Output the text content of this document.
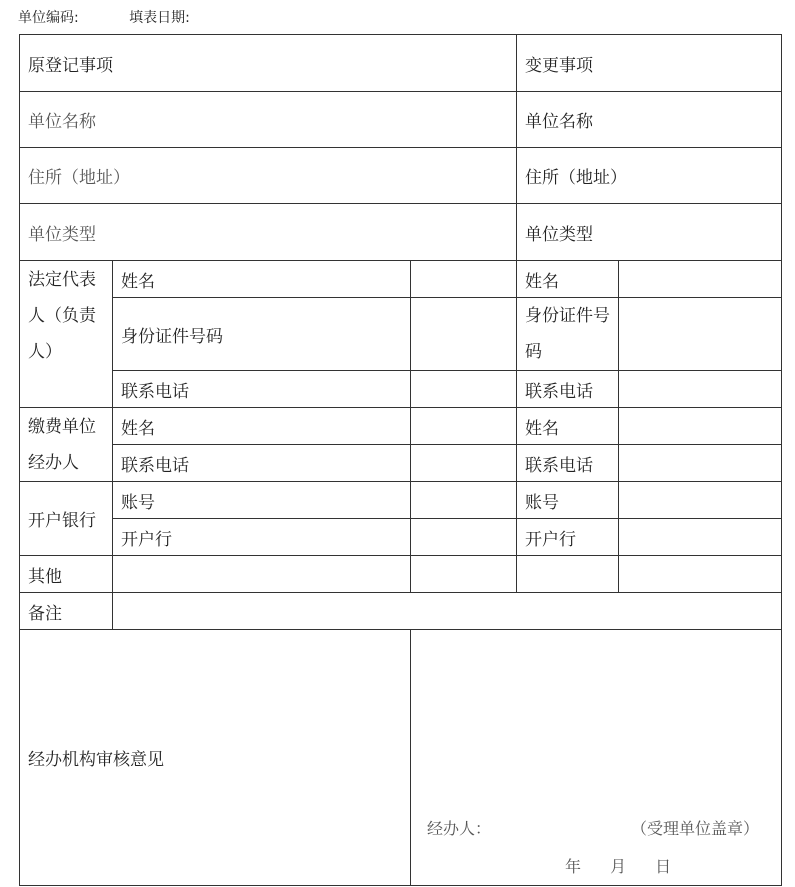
单位编码:	填表日期:
原登记事项			变更事项	
单位名称			单位名称	
住所（地址）			住所（地址）	
单位类型			单位类型	
法定代表人（负责人）	姓名		姓名	
	身份证件号码		身份证件号码	
	联系电话		联系电话	
缴费单位经办人	姓名		姓名	
	联系电话		联系电话	
开户银行	账号		账号	
	开户行		开户行	
其他				
备注				
经办机构审核意见		经办人： （受理单位盖章）
年 月 日		
